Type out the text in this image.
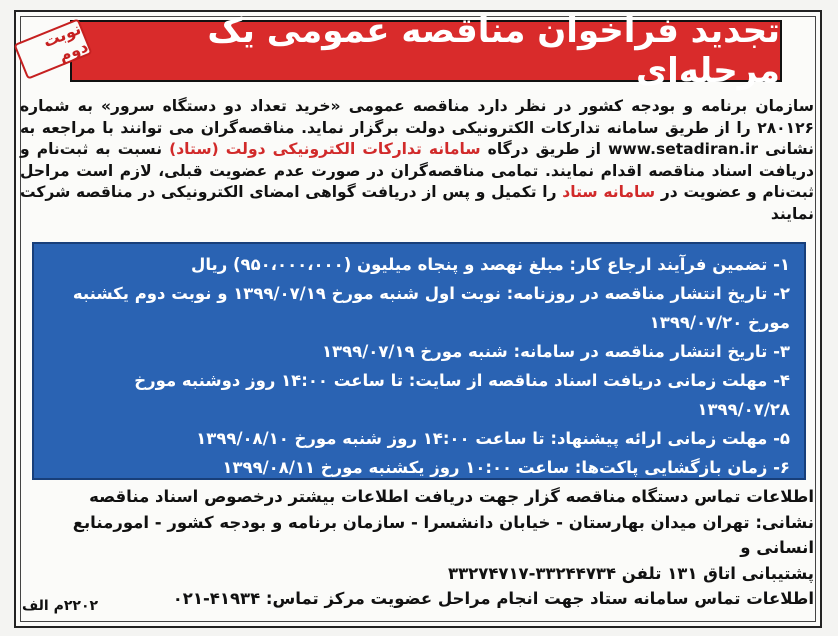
تجدید فراخوان مناقصه عمومی یک مرحله‌ای
نوبت دوم
سازمان برنامه و بودجه کشور در نظر دارد مناقصه عمومی «خرید تعداد دو دستگاه سرور» به شماره ۲۸۰۱۲۶ را از طریق سامانه تدارکات الکترونیکی دولت برگزار نماید. مناقصه‌گران می توانند با مراجعه به نشانی www.setadiran.ir از طریق درگاه سامانه تدارکات الکترونیکی دولت (ستاد) نسبت به ثبت‌نام و دریافت اسناد مناقصه اقدام نمایند. تمامی مناقصه‌گران در صورت عدم عضویت قبلی، لازم است مراحل ثبت‌نام و عضویت در سامانه ستاد را تکمیل و پس از دریافت گواهی امضای الکترونیکی در مناقصه شرکت نمایند
۱- تضمین فرآیند ارجاع کار: مبلغ نهصد و پنجاه میلیون (۹۵۰،۰۰۰،۰۰۰) ریال
۲- تاریخ انتشار مناقصه در روزنامه: نوبت اول شنبه مورخ ۱۳۹۹/۰۷/۱۹ و نوبت دوم یکشنبه
مورخ ۱۳۹۹/۰۷/۲۰
۳- تاریخ انتشار مناقصه در سامانه: شنبه مورخ ۱۳۹۹/۰۷/۱۹
۴- مهلت زمانی دریافت اسناد مناقصه از سایت: تا ساعت ۱۴:۰۰ روز دوشنبه مورخ
۱۳۹۹/۰۷/۲۸
۵- مهلت زمانی ارائه پیشنهاد: تا ساعت ۱۴:۰۰ روز شنبه مورخ ۱۳۹۹/۰۸/۱۰
۶- زمان بازگشایی پاکت‌ها: ساعت ۱۰:۰۰ روز یکشنبه مورخ ۱۳۹۹/۰۸/۱۱
اطلاعات تماس دستگاه مناقصه گزار جهت دریافت اطلاعات بیشتر درخصوص اسناد مناقصه
نشانی: تهران میدان بهارستان - خیابان دانشسرا - سازمان برنامه و بودجه کشور - امورمنابع انسانی و
پشتیبانی اتاق ۱۳۱ تلفن ۳۳۲۴۴۷۳۴-۳۳۲۷۴۷۱۷
اطلاعات تماس سامانه ستاد جهت انجام مراحل عضویت مرکز تماس: ۴۱۹۳۴-۰۲۱
۲۲۰۲م الف
